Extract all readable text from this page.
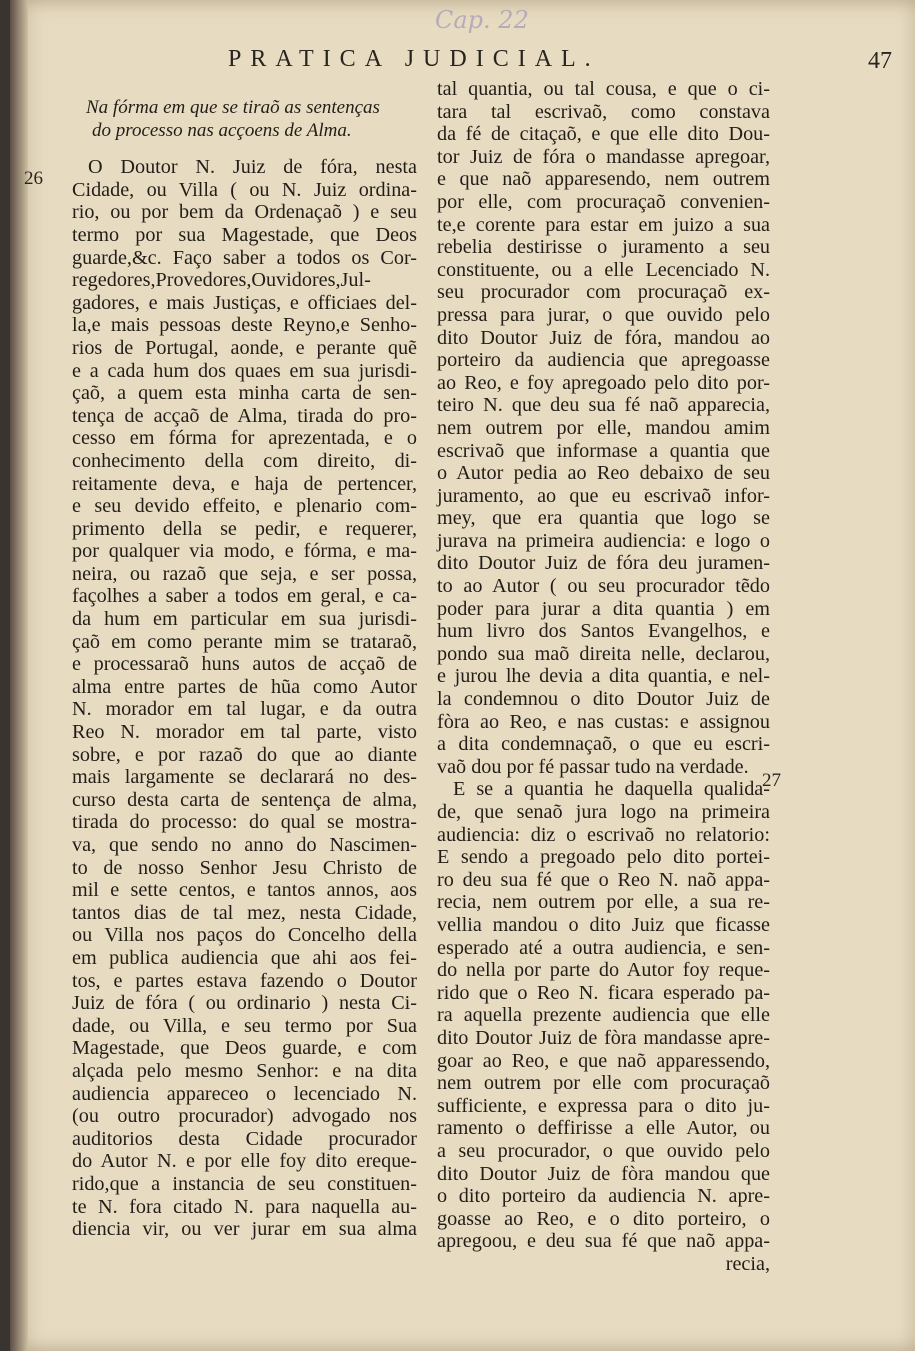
Cap. 22
PRATICA JUDICIAL.	47
26
27
Na fórma em que se tiraõ as sentenças
do processo nas acçoens de Alma.
O Doutor N. Juiz de fóra, nesta
Cidade, ou Villa ( ou N. Juiz ordina-
rio, ou por bem da Ordenaçaõ ) e seu
termo por sua Magestade, que Deos
guarde,&c. Faço saber a todos os Cor-
regedores,Provedores,Ouvidores,Jul-
gadores, e mais Justiças, e officiaes del-
la,e mais pessoas deste Reyno,e Senho-
rios de Portugal, aonde, e perante quẽ
e a cada hum dos quaes em sua jurisdi-
çaõ, a quem esta minha carta de sen-
tença de acçaõ de Alma, tirada do pro-
cesso em fórma for aprezentada, e o
conhecimento della com direito, di-
reitamente deva, e haja de pertencer,
e seu devido effeito, e plenario com-
primento della se pedir, e requerer,
por qualquer via modo, e fórma, e ma-
neira, ou razaõ que seja, e ser possa,
façolhes a saber a todos em geral, e ca-
da hum em particular em sua jurisdi-
çaõ em como perante mim se trataraõ,
e processaraõ huns autos de acçaõ de
alma entre partes de hũa como Autor
N. morador em tal lugar, e da outra
Reo N. morador em tal parte, visto
sobre, e por razaõ do que ao diante
mais largamente se declarará no des-
curso desta carta de sentença de alma,
tirada do processo: do qual se mostra-
va, que sendo no anno do Nascimen-
to de nosso Senhor Jesu Christo de
mil e sette centos, e tantos annos, aos
tantos dias de tal mez, nesta Cidade,
ou Villa nos paços do Concelho della
em publica audiencia que ahi aos fei-
tos, e partes estava fazendo o Doutor
Juiz de fóra ( ou ordinario ) nesta Ci-
dade, ou Villa, e seu termo por Sua
Magestade, que Deos guarde, e com
alçada pelo mesmo Senhor: e na dita
audiencia appareceo o lecenciado N.
(ou outro procurador) advogado nos
auditorios desta Cidade procurador
do Autor N. e por elle foy dito ereque-
rido,que a instancia de seu constituen-
te N. fora citado N. para naquella au-
diencia vir, ou ver jurar em sua alma
tal quantia, ou tal cousa, e que o ci-
tara tal escrivaõ, como constava
da fé de citaçaõ, e que elle dito Dou-
tor Juiz de fóra o mandasse apregoar,
e que naõ apparesendo, nem outrem
por elle, com procuraçaõ convenien-
te,e corente para estar em juizo a sua
rebelia destirisse o juramento a seu
constituente, ou a elle Lecenciado N.
seu procurador com procuraçaõ ex-
pressa para jurar, o que ouvido pelo
dito Doutor Juiz de fóra, mandou ao
porteiro da audiencia que apregoasse
ao Reo, e foy apregoado pelo dito por-
teiro N. que deu sua fé naõ apparecia,
nem outrem por elle, mandou amim
escrivaõ que informase a quantia que
o Autor pedia ao Reo debaixo de seu
juramento, ao que eu escrivaõ infor-
mey, que era quantia que logo se
jurava na primeira audiencia: e logo o
dito Doutor Juiz de fóra deu juramen-
to ao Autor ( ou seu procurador tẽdo
poder para jurar a dita quantia ) em
hum livro dos Santos Evangelhos, e
pondo sua maõ direita nelle, declarou,
e jurou lhe devia a dita quantia, e nel-
la condemnou o dito Doutor Juiz de
fòra ao Reo, e nas custas: e assignou
a dita condemnaçaõ, o que eu escri-
vaõ dou por fé passar tudo na verdade.
E se a quantia he daquella qualida-
de, que senaõ jura logo na primeira
audiencia: diz o escrivaõ no relatorio:
E sendo a pregoado pelo dito portei-
ro deu sua fé que o Reo N. naõ appa-
recia, nem outrem por elle, a sua re-
vellia mandou o dito Juiz que ficasse
esperado até a outra audiencia, e sen-
do nella por parte do Autor foy reque-
rido que o Reo N. ficara esperado pa-
ra aquella prezente audiencia que elle
dito Doutor Juiz de fòra mandasse apre-
goar ao Reo, e que naõ apparessendo,
nem outrem por elle com procuraçaõ
sufficiente, e expressa para o dito ju-
ramento o deffirisse a elle Autor, ou
a seu procurador, o que ouvido pelo
dito Doutor Juiz de fòra mandou que
o dito porteiro da audiencia N. apre-
goasse ao Reo, e o dito porteiro, o
apregoou, e deu sua fé que naõ appa-
recia,
